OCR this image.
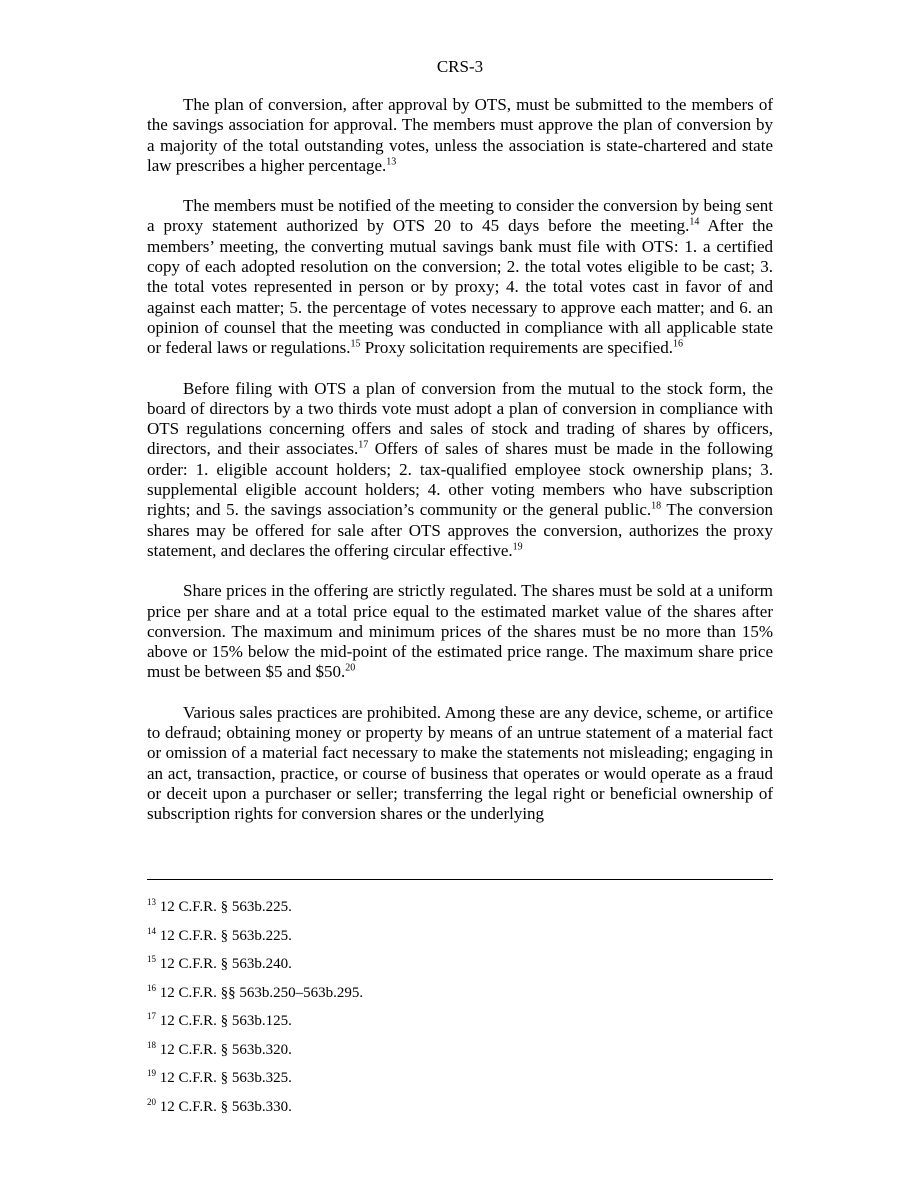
CRS-3

The plan of conversion, after approval by OTS, must be submitted to the members of the savings association for approval. The members must approve the plan of conversion by a majority of the total outstanding votes, unless the association is state-chartered and state law prescribes a higher percentage.$^{13}$

The members must be notified of the meeting to consider the conversion by being sent a proxy statement authorized by OTS 20 to 45 days before the meeting.$^{14}$ After the members’ meeting, the converting mutual savings bank must file with OTS: 1. a certified copy of each adopted resolution on the conversion; 2. the total votes eligible to be cast; 3. the total votes represented in person or by proxy; 4. the total votes cast in favor of and against each matter; 5. the percentage of votes necessary to approve each matter; and 6. an opinion of counsel that the meeting was conducted in compliance with all applicable state or federal laws or regulations.$^{15}$ Proxy solicitation requirements are specified.$^{16}$

Before filing with OTS a plan of conversion from the mutual to the stock form, the board of directors by a two thirds vote must adopt a plan of conversion in compliance with OTS regulations concerning offers and sales of stock and trading of shares by officers, directors, and their associates.$^{17}$ Offers of sales of shares must be made in the following order: 1. eligible account holders; 2. tax-qualified employee stock ownership plans; 3. supplemental eligible account holders; 4. other voting members who have subscription rights; and 5. the savings association’s community or the general public.$^{18}$ The conversion shares may be offered for sale after OTS approves the conversion, authorizes the proxy statement, and declares the offering circular effective.$^{19}$

Share prices in the offering are strictly regulated. The shares must be sold at a uniform price per share and at a total price equal to the estimated market value of the shares after conversion. The maximum and minimum prices of the shares must be no more than 15% above or 15% below the mid-point of the estimated price range. The maximum share price must be between $5 and $50.20

Various sales practices are prohibited. Among these are any device, scheme, or artifice to defraud; obtaining money or property by means of an untrue statement of a material fact or omission of a material fact necessary to make the statements not misleading; engaging in an act, transaction, practice, or course of business that operates or would operate as a fraud or deceit upon a purchaser or seller; transferring the legal right or beneficial ownership of subscription rights for conversion shares or the underlying

$^{13}$ 12 C.F.R. § 563b.225.
$^{14}$ 12 C.F.R. § 563b.225.
$^{15}$ 12 C.F.R. § 563b.240.
$^{16}$ 12 C.F.R. §§ 563b.250–563b.295.
$^{17}$ 12 C.F.R. § 563b.125.
$^{18}$ 12 C.F.R. § 563b.320.
$^{19}$ 12 C.F.R. § 563b.325.
$^{20}$ 12 C.F.R. § 563b.330.
